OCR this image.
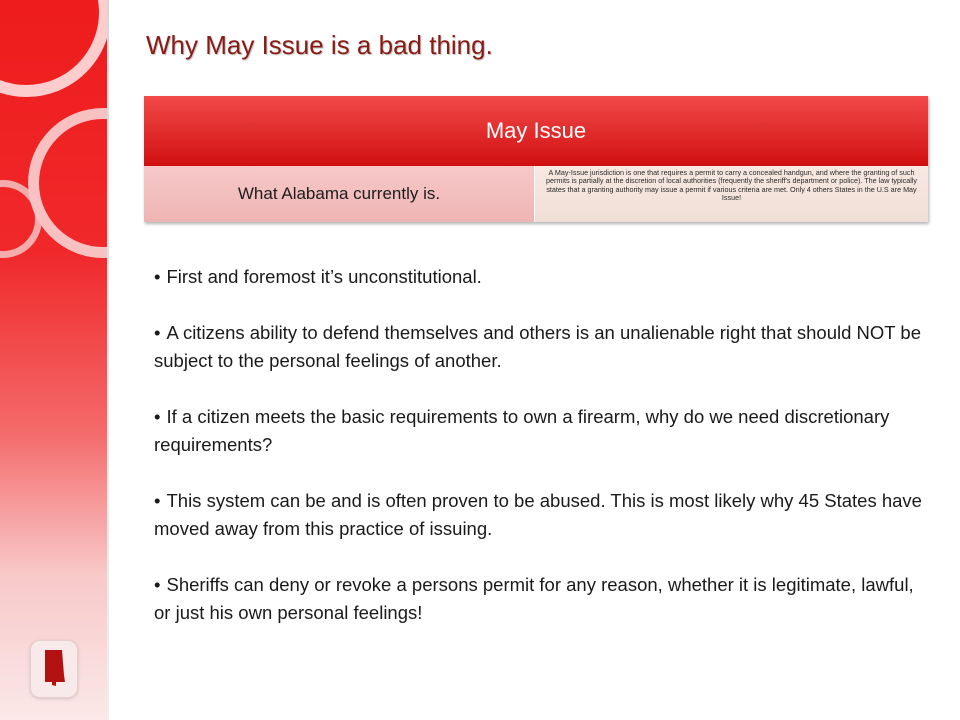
Why May Issue is a bad thing.
May Issue
What Alabama currently is.
A May-Issue jurisdiction is one that requires a permit to carry a concealed handgun, and where the granting of such permits is partially at the discretion of local authorities (frequently the sheriff's department or police). The law typically states that a granting authority may issue a permit if various criteria are met. Only 4 others States in the U.S are May Issue!
• First and foremost it’s unconstitutional.
• A citizens ability to defend themselves and others is an unalienable right that should NOT be subject to the personal feelings of another.
• If a citizen meets the basic requirements to own a firearm, why do we need discretionary requirements?
• This system can be and is often proven to be abused. This is most likely why 45 States have moved away from this practice of issuing.
• Sheriffs can deny or revoke a persons permit for any reason, whether it is legitimate, lawful, or just his own personal feelings!
